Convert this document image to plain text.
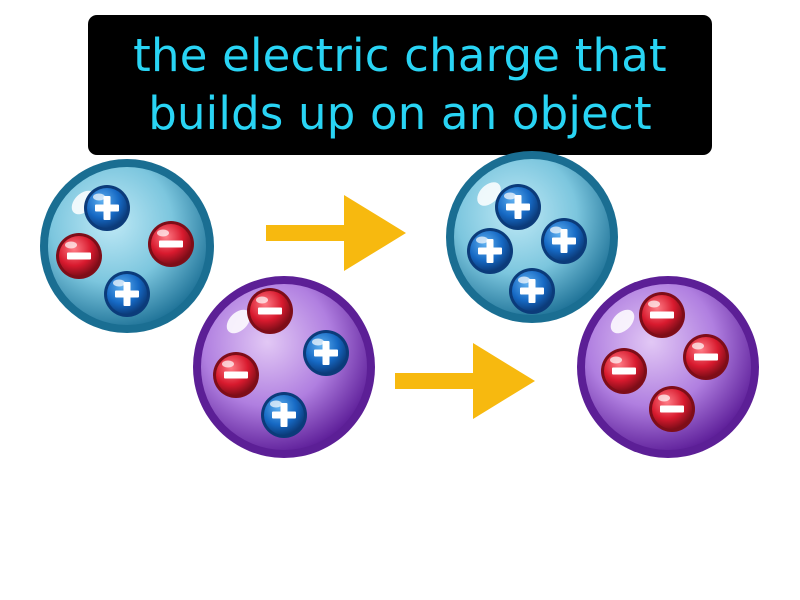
the electric charge that
builds up on an object
